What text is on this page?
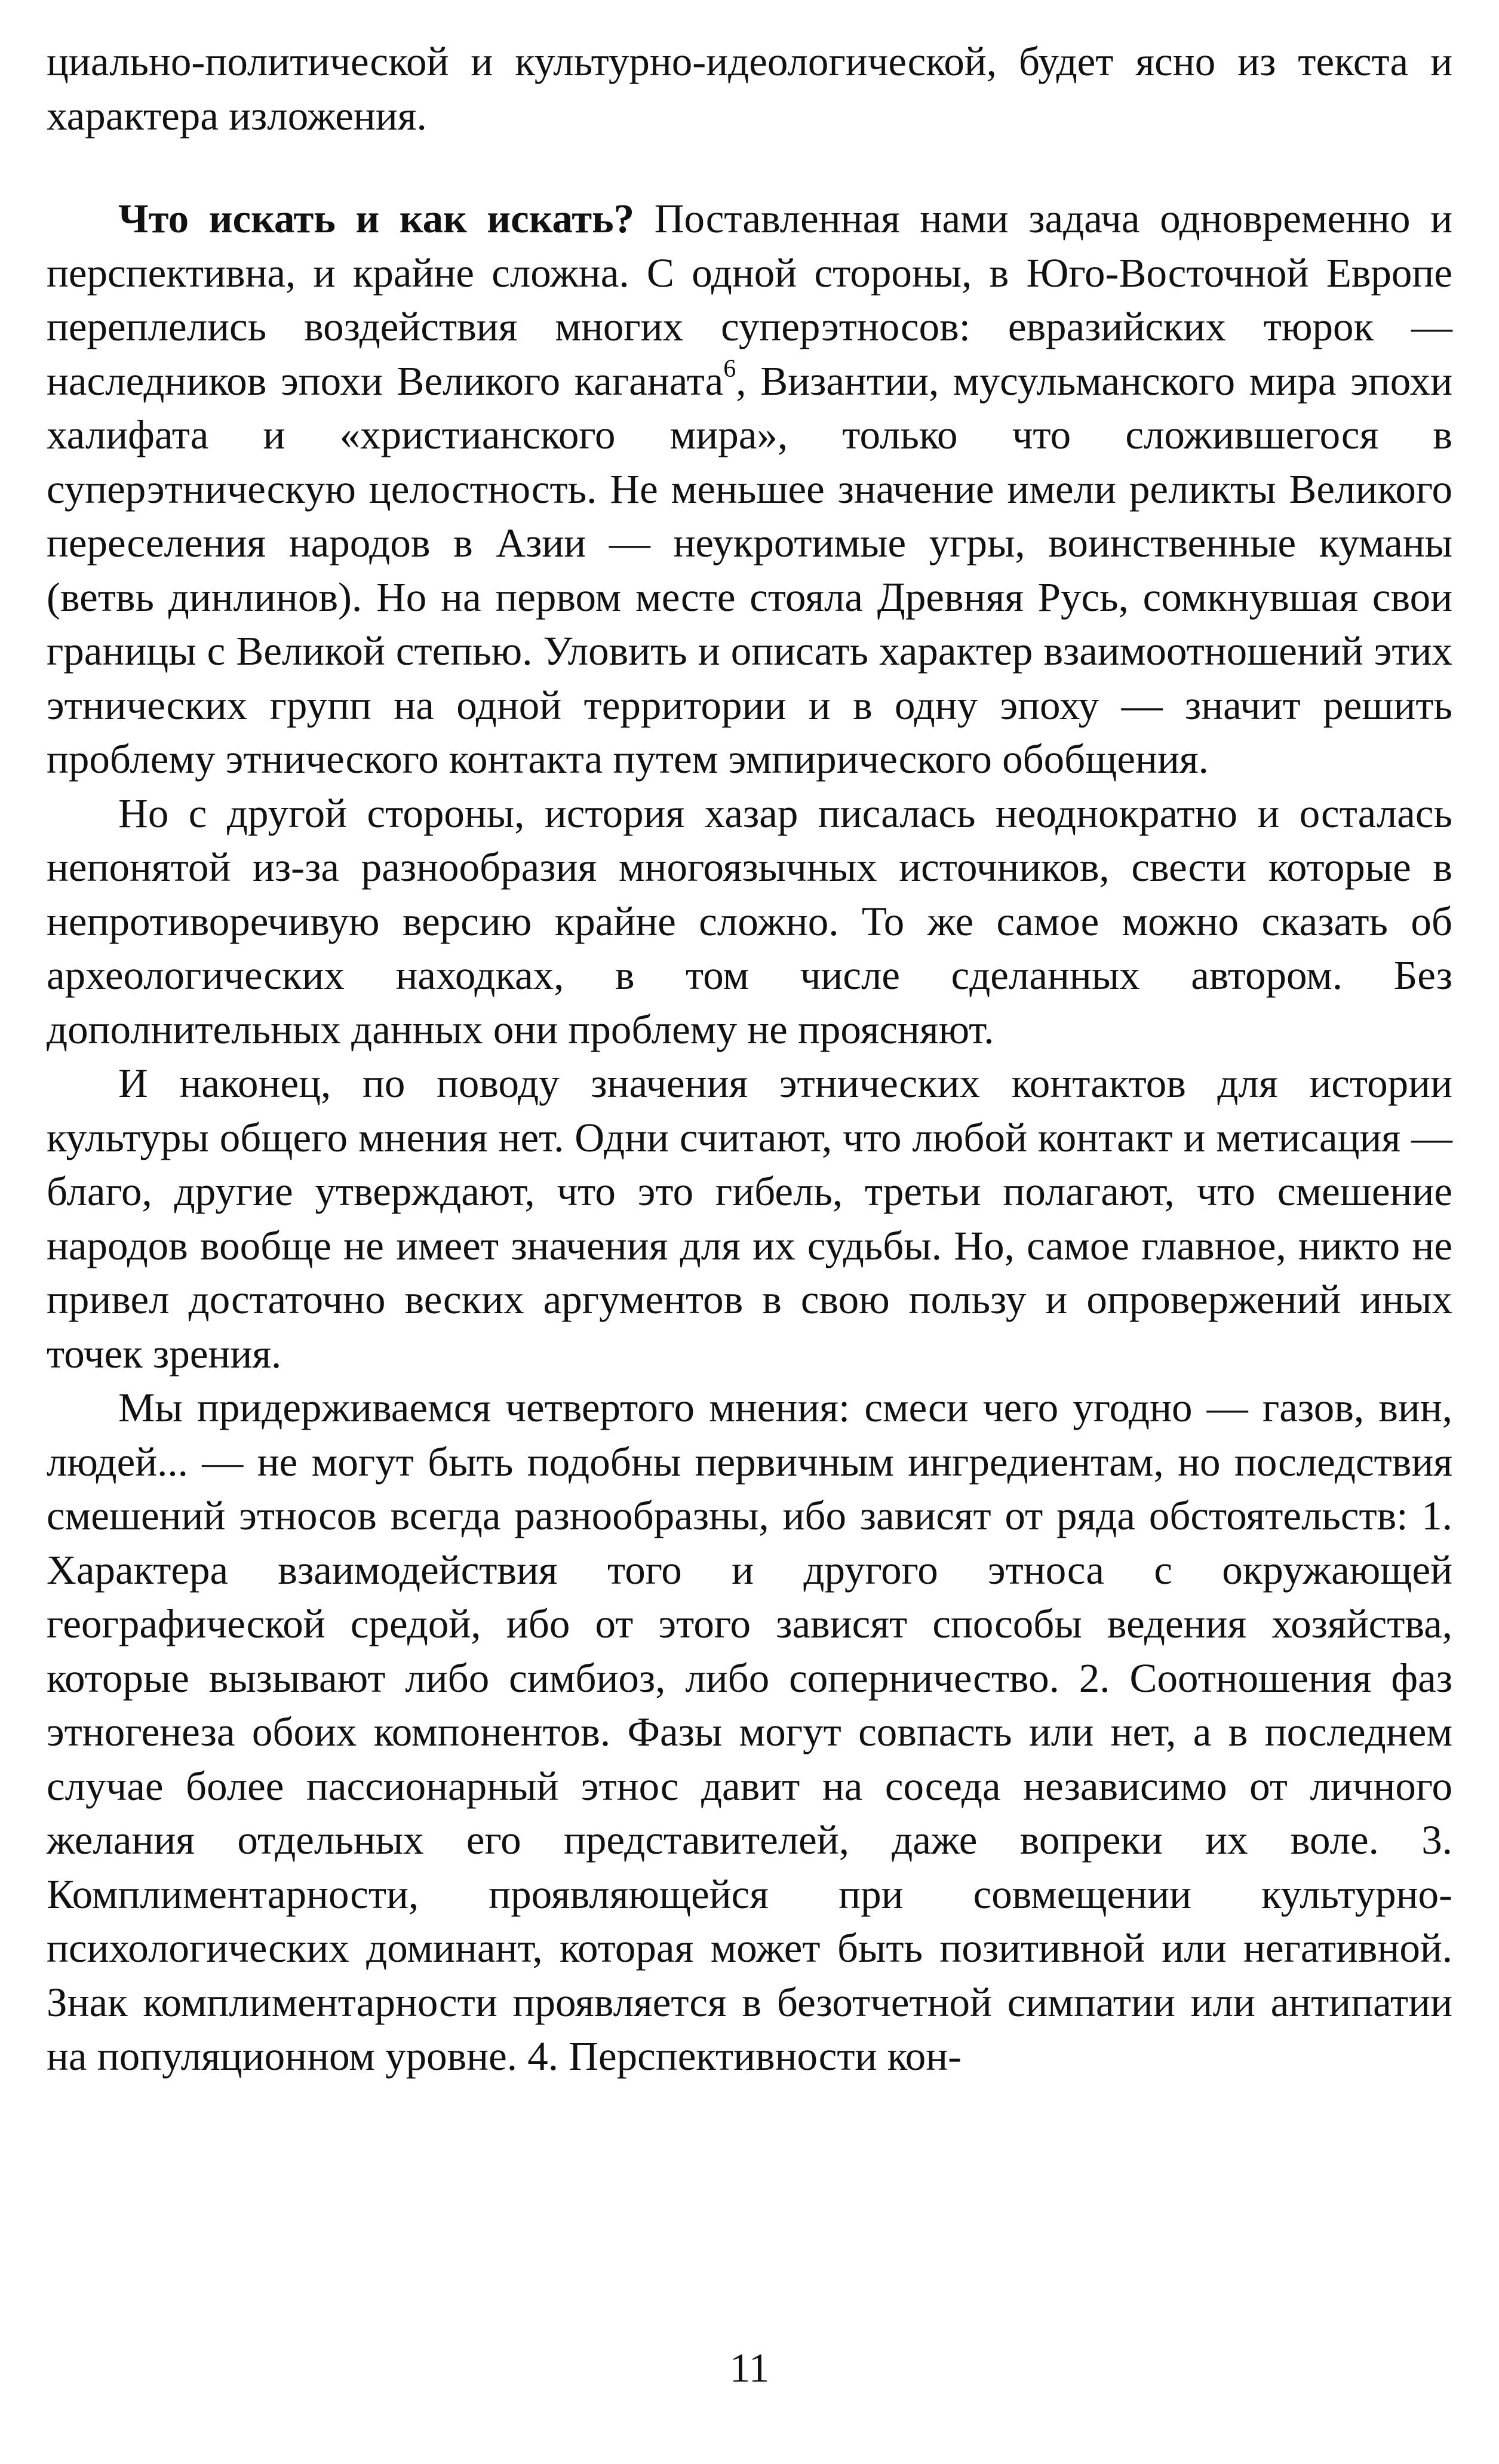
циально-политической и культурно-идеологической, будет ясно из текста и характера изложения.

Что искать и как искать? Поставленная нами задача одновременно и перспективна, и крайне сложна. С одной стороны, в Юго-Восточной Европе переплелись воздействия многих суперэтносов: евразийских тюрок — наследников эпохи Великого каганата$^6$, Византии, мусульманского мира эпохи халифата и «христианского мира», только что сложившегося в суперэтническую целостность. Не меньшее значение имели реликты Великого переселения народов в Азии — неукротимые угры, воинственные куманы (ветвь динлинов). Но на первом месте стояла Древняя Русь, сомкнувшая свои границы с Великой степью. Уловить и описать характер взаимоотношений этих этнических групп на одной территории и в одну эпоху — значит решить проблему этнического контакта путем эмпирического обобщения.

Но с другой стороны, история хазар писалась неоднократно и осталась непонятой из-за разнообразия многоязычных источников, свести которые в непротиворечивую версию крайне сложно. То же самое можно сказать об археологических находках, в том числе сделанных автором. Без дополнительных данных они проблему не проясняют.

И наконец, по поводу значения этнических контактов для истории культуры общего мнения нет. Одни считают, что любой контакт и метисация — благо, другие утверждают, что это гибель, третьи полагают, что смешение народов вообще не имеет значения для их судьбы. Но, самое главное, никто не привел достаточно веских аргументов в свою пользу и опровержений иных точек зрения.

Мы придерживаемся четвертого мнения: смеси чего угодно — газов, вин, людей... — не могут быть подобны первичным ингредиентам, но последствия смешений этносов всегда разнообразны, ибо зависят от ряда обстоятельств: 1. Характера взаимодействия того и другого этноса с окружающей географической средой, ибо от этого зависят способы ведения хозяйства, которые вызывают либо симбиоз, либо соперничество. 2. Соотношения фаз этногенеза обоих компонентов. Фазы могут совпасть или нет, а в последнем случае более пассионарный этнос давит на соседа независимо от личного желания отдельных его представителей, даже вопреки их воле. 3. Комплиментарности, проявляющейся при совмещении культурно-психологических доминант, которая может быть позитивной или негативной. Знак комплиментарности проявляется в безотчетной симпатии или антипатии на популяционном уровне. 4. Перспективности кон-

11
